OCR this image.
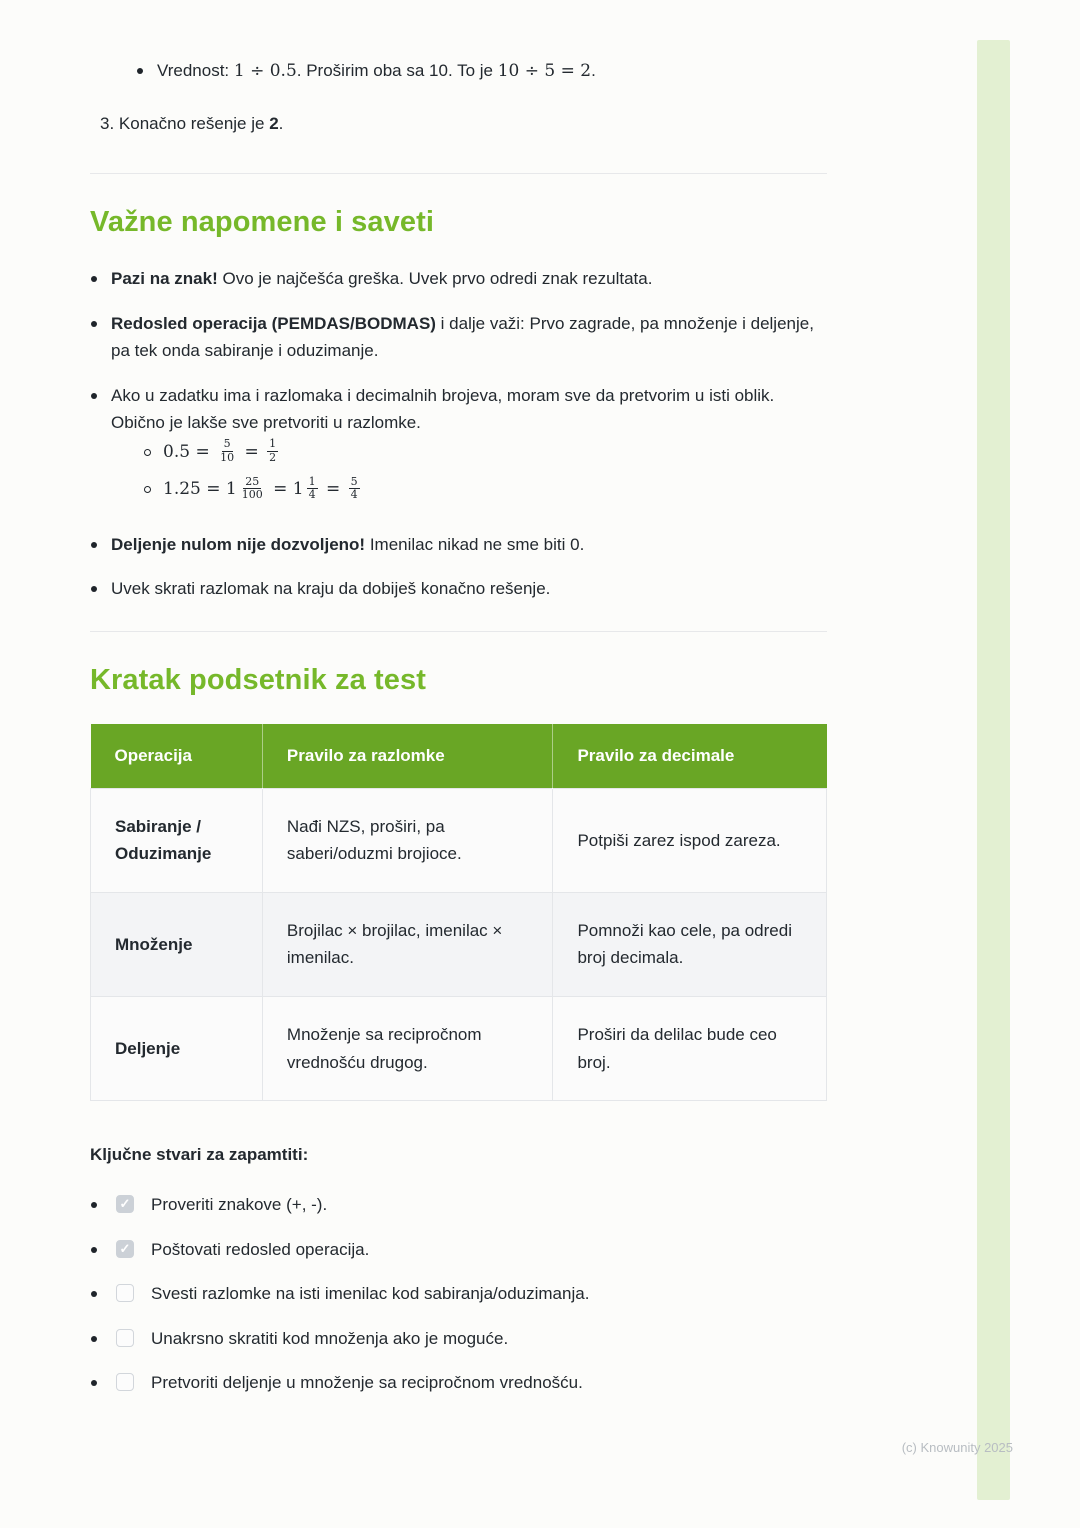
Vrednost: 1 ÷ 0.5. Proširim oba sa 10. To je 10 ÷ 5 = 2.
3. Konačno rešenje je 2.
Važne napomene i saveti
Pazi na znak! Ovo je najčešća greška. Uvek prvo odredi znak rezultata.
Redosled operacija (PEMDAS/BODMAS) i dalje važi: Prvo zagrade, pa množenje i deljenje, pa tek onda sabiranje i oduzimanje.
Ako u zadatku ima i razlomaka i decimalnih brojeva, moram sve da pretvorim u isti oblik. Obično je lakše sve pretvoriti u razlomke.
$0.5 = \frac{5}{10} = \frac{1}{2}$
$1.25 = 1 \frac{25}{100} = 1 \frac{1}{4} = \frac{5}{4}$
Deljenje nulom nije dozvoljeno! Imenilac nikad ne sme biti 0.
Uvek skrati razlomak na kraju da dobiješ konačno rešenje.
Kratak podsetnik za test
Operacija	Pravilo za razlomke	Pravilo za decimale
Sabiranje / Oduzimanje	Nađi NZS, proširi, pa saberi/oduzmi brojioce.	Potpiši zarez ispod zareza.
Množenje	Brojilac × brojilac, imenilac × imenilac.	Pomnoži kao cele, pa odredi broj decimala.
Deljenje	Množenje sa recipročnom vrednošću drugog.	Proširi da delilac bude ceo broj.
Ključne stvari za zapamtiti:
✓
Proveriti znakove (+, -).
✓
Poštovati redosled operacija.
Svesti razlomke na isti imenilac kod sabiranja/oduzimanja.
Unakrsno skratiti kod množenja ako je moguće.
Pretvoriti deljenje u množenje sa recipročnom vrednošću.
(c) Knowunity 2025
